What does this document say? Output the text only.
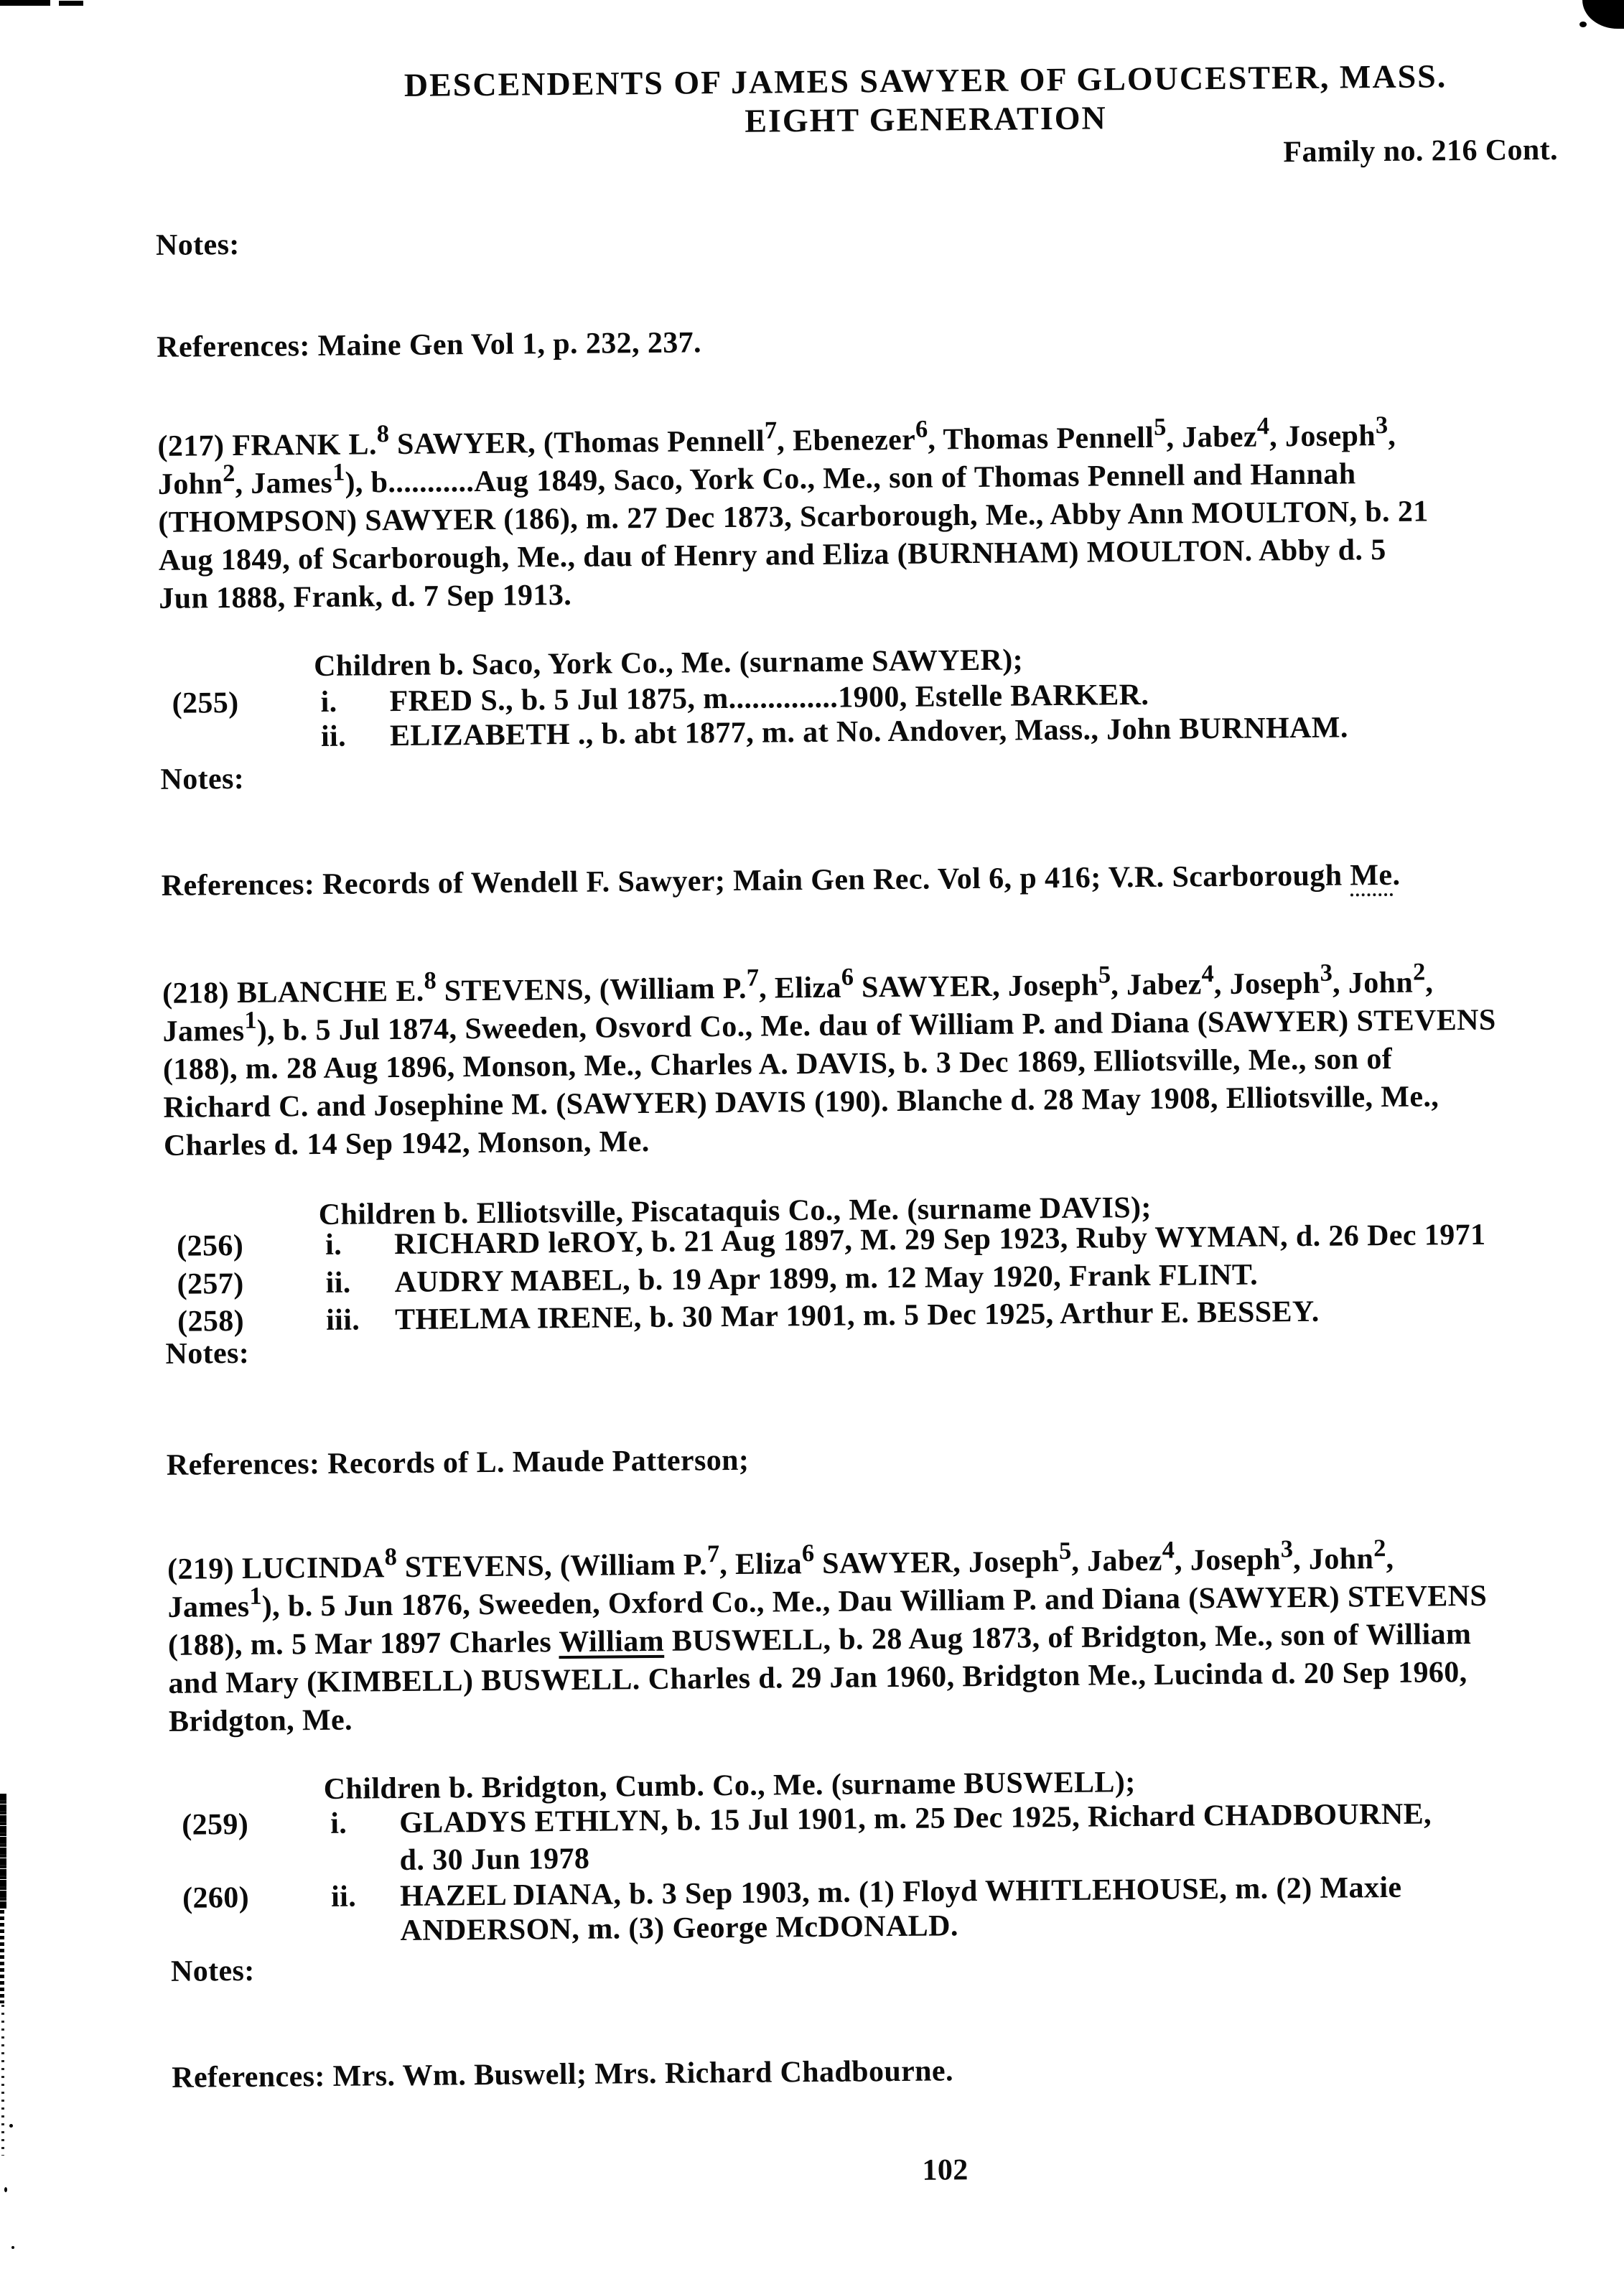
DESCENDENTS OF JAMES SAWYER OF GLOUCESTER, MASS.
EIGHT GENERATION
Family no. 216 Cont.
Notes:
References: Maine Gen Vol 1, p. 232, 237.
(217) FRANK L.$^8$ SAWYER, (Thomas Pennell$^7$, Ebenezer$^6$, Thomas Pennell$^5$, Jabez$^4$, Joseph$^3$,
John$^2$, James$^1$), b...........Aug 1849, Saco, York Co., Me., son of Thomas Pennell and Hannah
(THOMPSON) SAWYER (186), m. 27 Dec 1873, Scarborough, Me., Abby Ann MOULTON, b. 21
Aug 1849, of Scarborough, Me., dau of Henry and Eliza (BURNHAM) MOULTON. Abby d. 5
Jun 1888, Frank, d. 7 Sep 1913.
Children b. Saco, York Co., Me. (surname SAWYER);
(255)	i. FRED S., b. 5 Jul 1875, m..............1900, Estelle BARKER.
ii. ELIZABETH ., b. abt 1877, m. at No. Andover, Mass., John BURNHAM.
Notes:
References: Records of Wendell F. Sawyer; Main Gen Rec. Vol 6, p 416; V.R. Scarborough Me.
(218) BLANCHE E.$^8$ STEVENS, (William P.$^7$, Eliza$^6$ SAWYER, Joseph$^5$, Jabez$^4$, Joseph$^3$, John$^2$,
James$^1$), b. 5 Jul 1874, Sweeden, Osvord Co., Me. dau of William P. and Diana (SAWYER) STEVENS
(188), m. 28 Aug 1896, Monson, Me., Charles A. DAVIS, b. 3 Dec 1869, Elliotsville, Me., son of
Richard C. and Josephine M. (SAWYER) DAVIS (190). Blanche d. 28 May 1908, Elliotsville, Me.,
Charles d. 14 Sep 1942, Monson, Me.
Children b. Elliotsville, Piscataquis Co., Me. (surname DAVIS);
(256)	i. RICHARD leROY, b. 21 Aug 1897, M. 29 Sep 1923, Ruby WYMAN, d. 26 Dec 1971
(257)	ii. AUDRY MABEL, b. 19 Apr 1899, m. 12 May 1920, Frank FLINT.
(258)	iii. THELMA IRENE, b. 30 Mar 1901, m. 5 Dec 1925, Arthur E. BESSEY.
Notes:
References: Records of L. Maude Patterson;
(219) LUCINDA$^8$ STEVENS, (William P.$^7$, Eliza$^6$ SAWYER, Joseph$^5$, Jabez$^4$, Joseph$^3$, John$^2$,
James$^1$), b. 5 Jun 1876, Sweeden, Oxford Co., Me., Dau William P. and Diana (SAWYER) STEVENS
(188), m. 5 Mar 1897 Charles William BUSWELL, b. 28 Aug 1873, of Bridgton, Me., son of William
and Mary (KIMBELL) BUSWELL. Charles d. 29 Jan 1960, Bridgton Me., Lucinda d. 20 Sep 1960,
Bridgton, Me.
Children b. Bridgton, Cumb. Co., Me. (surname BUSWELL);
(259)	i. GLADYS ETHLYN, b. 15 Jul 1901, m. 25 Dec 1925, Richard CHADBOURNE,
d. 30 Jun 1978
(260)	ii. HAZEL DIANA, b. 3 Sep 1903, m. (1) Floyd WHITLEHOUSE, m. (2) Maxie
ANDERSON, m. (3) George McDONALD.
Notes:
References: Mrs. Wm. Buswell; Mrs. Richard Chadbourne.
102
